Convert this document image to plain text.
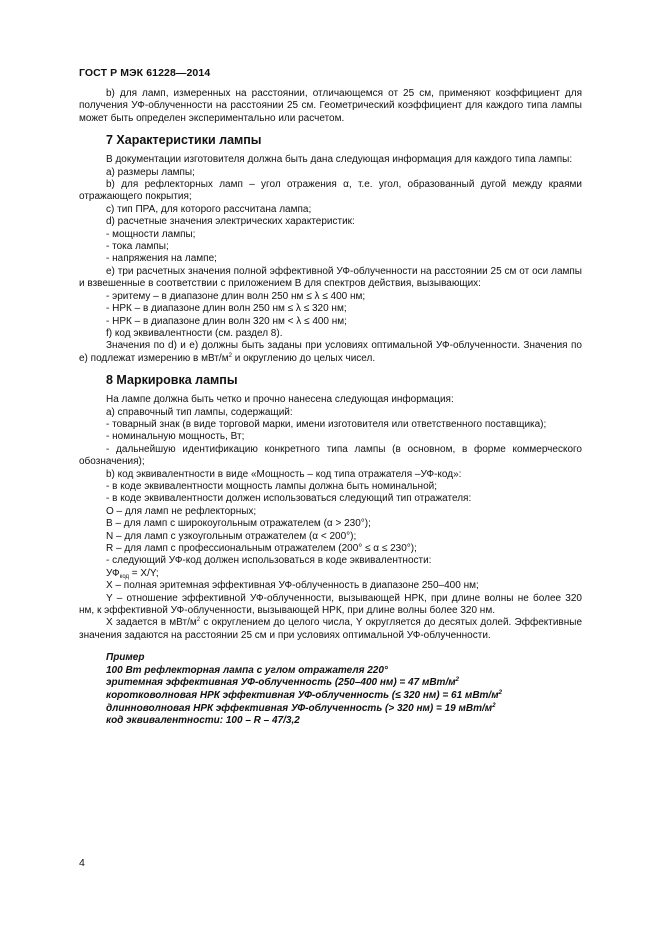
ГОСТ Р МЭК 61228—2014

b) для ламп, измеренных на расстоянии, отличающемся от 25 см, применяют коэффициент для получения УФ-облученности на расстоянии 25 см. Геометрический коэффициент для каждого типа лампы может быть определен экспериментально или расчетом.

7 Характеристики лампы

В документации изготовителя должна быть дана следующая информация для каждого типа лампы:

а) размеры лампы;

b) для рефлекторных ламп – угол отражения α, т.е. угол, образованный дугой между краями отражающего покрытия;

с) тип ПРА, для которого рассчитана лампа;

d) расчетные значения электрических характеристик:

- мощности лампы;

- тока лампы;

- напряжения на лампе;

е) три расчетных значения полной эффективной УФ-облученности на расстоянии 25 см от оси лампы и взвешенные в соответствии с приложением В для спектров действия, вызывающих:

- эритему – в диапазоне длин волн 250 нм ≤ λ ≤ 400 нм;

- НРК – в диапазоне длин волн 250 нм ≤ λ ≤ 320 нм;

- НРК – в диапазоне длин волн 320 нм < λ ≤ 400 нм;

f) код эквивалентности (см. раздел 8).

Значения по d) и е) должны быть заданы при условиях оптимальной УФ-облученности. Значения по е) подлежат измерению в мВт/$м^2$ и округлению до целых чисел.

8 Маркировка лампы

На лампе должна быть четко и прочно нанесена следующая информация:

а) справочный тип лампы, содержащий:

- товарный знак (в виде торговой марки, имени изготовителя или ответственного поставщика);

- номинальную мощность, Вт;

- дальнейшую идентификацию конкретного типа лампы (в основном, в форме коммерческого обозначения);

b) код эквивалентности в виде «Мощность – код типа отражателя –УФ-код»:

- в коде эквивалентности мощность лампы должна быть номинальной;

- в коде эквивалентности должен использоваться следующий тип отражателя:

О – для ламп не рефлекторных;

В – для ламп с широкоугольным отражателем (α > 230°);

N – для ламп с узкоугольным отражателем (α < 200°);

R – для ламп с профессиональным отражателем (200° ≤ α ≤ 230°);

- следующий УФ-код должен использоваться в коде эквивалентности:

$УФ_{код} = X/Y$;

X – полная эритемная эффективная УФ-облученность в диапазоне 250–400 нм;

Y – отношение эффективной УФ-облученности, вызывающей НРК, при длине волны не более 320 нм, к эффективной УФ-облученности, вызывающей НРК, при длине волны более 320 нм.

X задается в мВт/$м^2$ с округлением до целого числа, Y округляется до десятых долей. Эффективные значения задаются на расстоянии 25 см и при условиях оптимальной УФ-облученности.

Пример
100 Вт рефлекторная лампа с углом отражателя 220°
эритемная эффективная УФ-облученность (250–400 нм) = 47 мВт/$м^2$
коротковолновая НРК эффективная УФ-облученность (≤ 320 нм) = 61 мВт/$м^2$
длинноволновая НРК эффективная УФ-облученность (> 320 нм) = 19 мВт/$м^2$
код эквивалентности: 100 – R – 47/3,2
4
